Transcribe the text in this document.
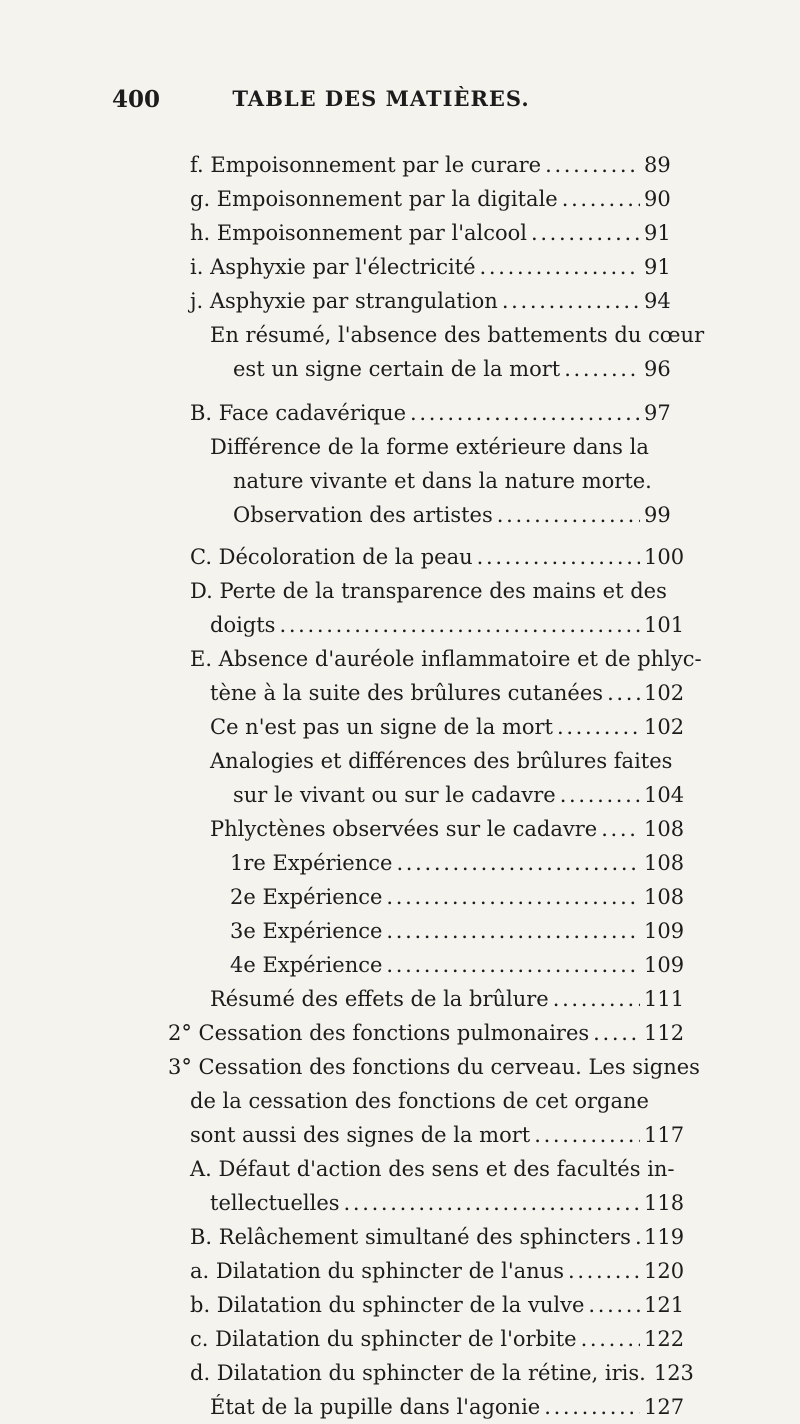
400	TABLE DES MATIÈRES.
f. Empoisonnement par le curare . . .	89
g. Empoisonnement par la digitale . . .	90
h. Empoisonnement par l'alcool . . .	91
i. Asphyxie par l'électricité . . .	91
j. Asphyxie par strangulation . . .	94
En résumé, l'absence des battements du cœur
est un signe certain de la mort . . .	96
B. Face cadavérique . . .	97
Différence de la forme extérieure dans la
nature vivante et dans la nature morte.
Observation des artistes . . .	99
C. Décoloration de la peau . . .	100
D. Perte de la transparence des mains et des
doigts . . .	101
E. Absence d'auréole inflammatoire et de phlyc-
tène à la suite des brûlures cutanées . . . 102
Ce n'est pas un signe de la mort . . .	102
Analogies et différences des brûlures faites
sur le vivant ou sur le cadavre . . .	104
Phlyctènes observées sur le cadavre . . . 108
1re Expérience . . .	108
2e Expérience . . .	108
3e Expérience . . .	109
4e Expérience . . .	109
Résumé des effets de la brûlure . . .	111
2° Cessation des fonctions pulmonaires . . .	112
3° Cessation des fonctions du cerveau. Les signes
de la cessation des fonctions de cet organe
sont aussi des signes de la mort . . .	117
A. Défaut d'action des sens et des facultés in-
tellectuelles . . .	118
B. Relâchement simultané des sphincters . . . 119
a. Dilatation du sphincter de l'anus . . .	120
b. Dilatation du sphincter de la vulve . . .	121
c. Dilatation du sphincter de l'orbite . . .	122
d. Dilatation du sphincter de la rétine, iris. 123
État de la pupille dans l'agonie . . .	127
